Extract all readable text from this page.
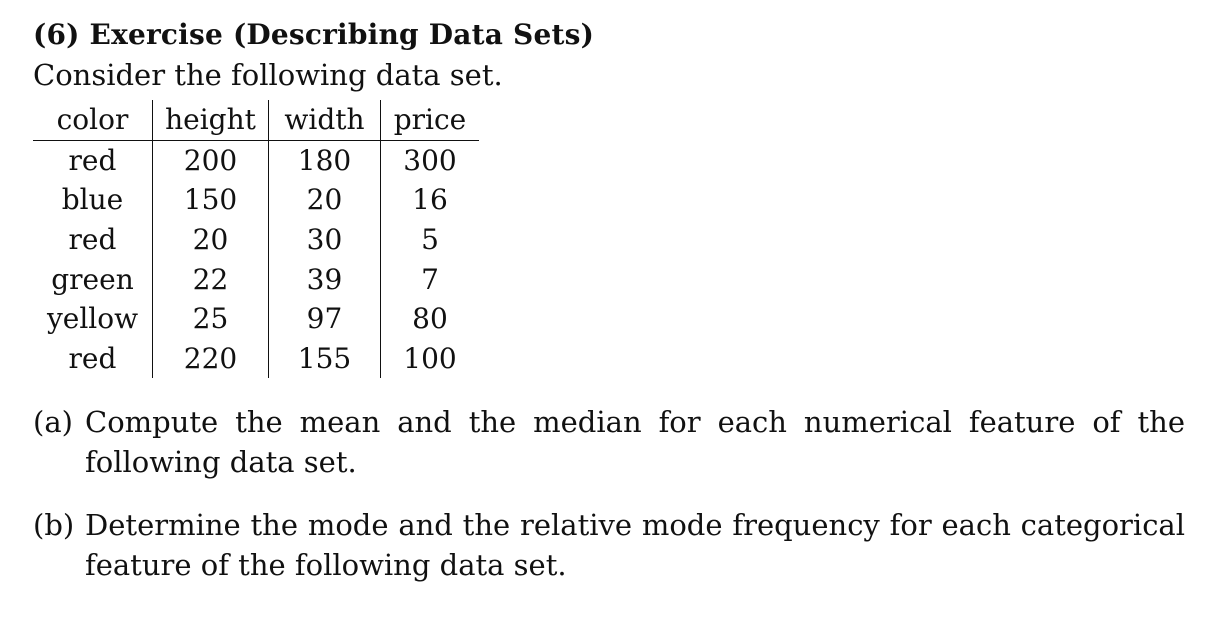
(6) Exercise (Describing Data Sets)
Consider the following data set.
color	height	width	price
red	200	180	300
blue	150	20	16
red	20	30	5
green	22	39	7
yellow	25	97	80
red	220	155	100
(a) Compute the mean and the median for each numerical feature of the following data set.
(b) Determine the mode and the relative mode frequency for each categorical feature of the following data set.
